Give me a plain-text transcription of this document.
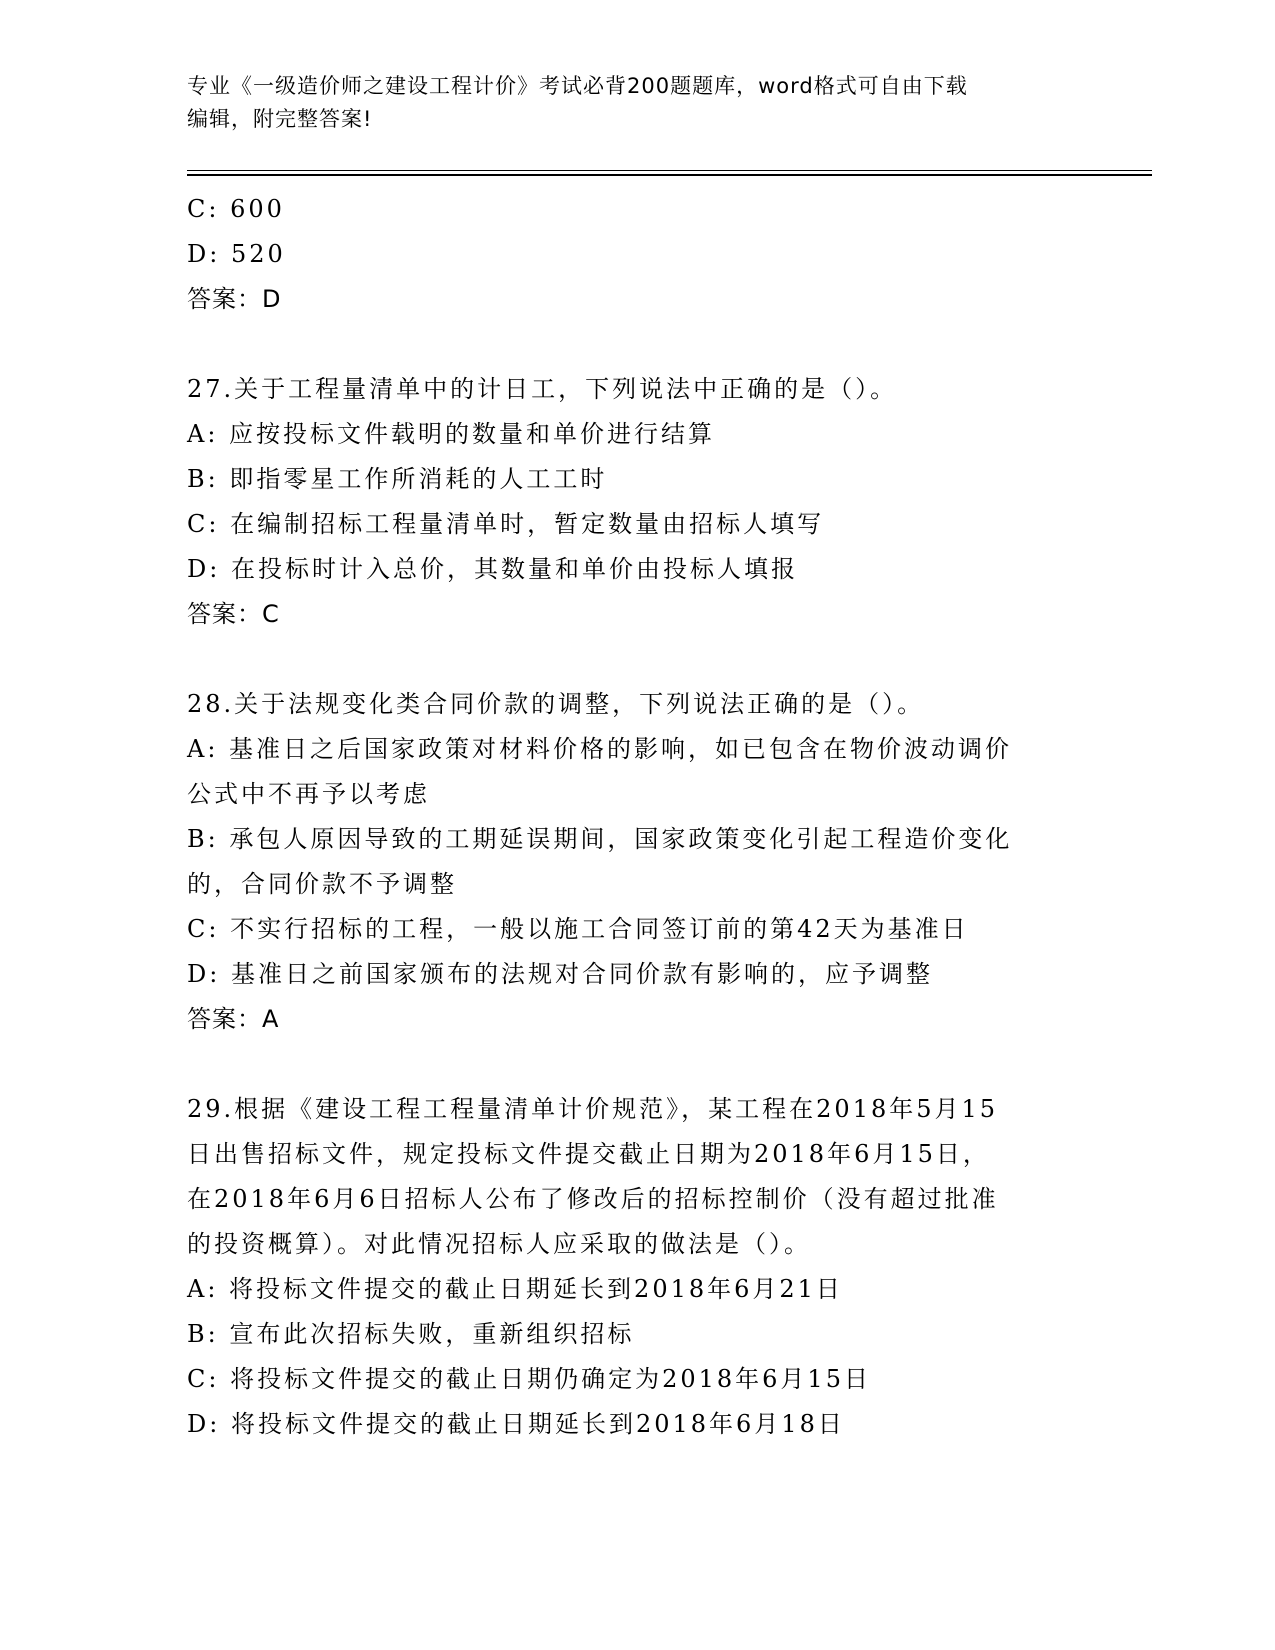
专业《一级造价师之建设工程计价》考试必背200题题库，word格式可自由下载
编辑，附完整答案!
C: 600
D: 520
答案：D
27.关于工程量清单中的计日工，下列说法中正确的是（）。
A: 应按投标文件载明的数量和单价进行结算
B: 即指零星工作所消耗的人工工时
C: 在编制招标工程量清单时，暂定数量由招标人填写
D: 在投标时计入总价，其数量和单价由投标人填报
答案：C
28.关于法规变化类合同价款的调整，下列说法正确的是（）。
A: 基准日之后国家政策对材料价格的影响，如已包含在物价波动调价
公式中不再予以考虑
B: 承包人原因导致的工期延误期间，国家政策变化引起工程造价变化
的，合同价款不予调整
C: 不实行招标的工程，一般以施工合同签订前的第42天为基准日
D: 基准日之前国家颁布的法规对合同价款有影响的，应予调整
答案：A
29.根据《建设工程工程量清单计价规范》，某工程在2018年5月15
日出售招标文件，规定投标文件提交截止日期为2018年6月15日，
在2018年6月6日招标人公布了修改后的招标控制价（没有超过批准
的投资概算）。对此情况招标人应采取的做法是（）。
A: 将投标文件提交的截止日期延长到2018年6月21日
B: 宣布此次招标失败，重新组织招标
C: 将投标文件提交的截止日期仍确定为2018年6月15日
D: 将投标文件提交的截止日期延长到2018年6月18日
